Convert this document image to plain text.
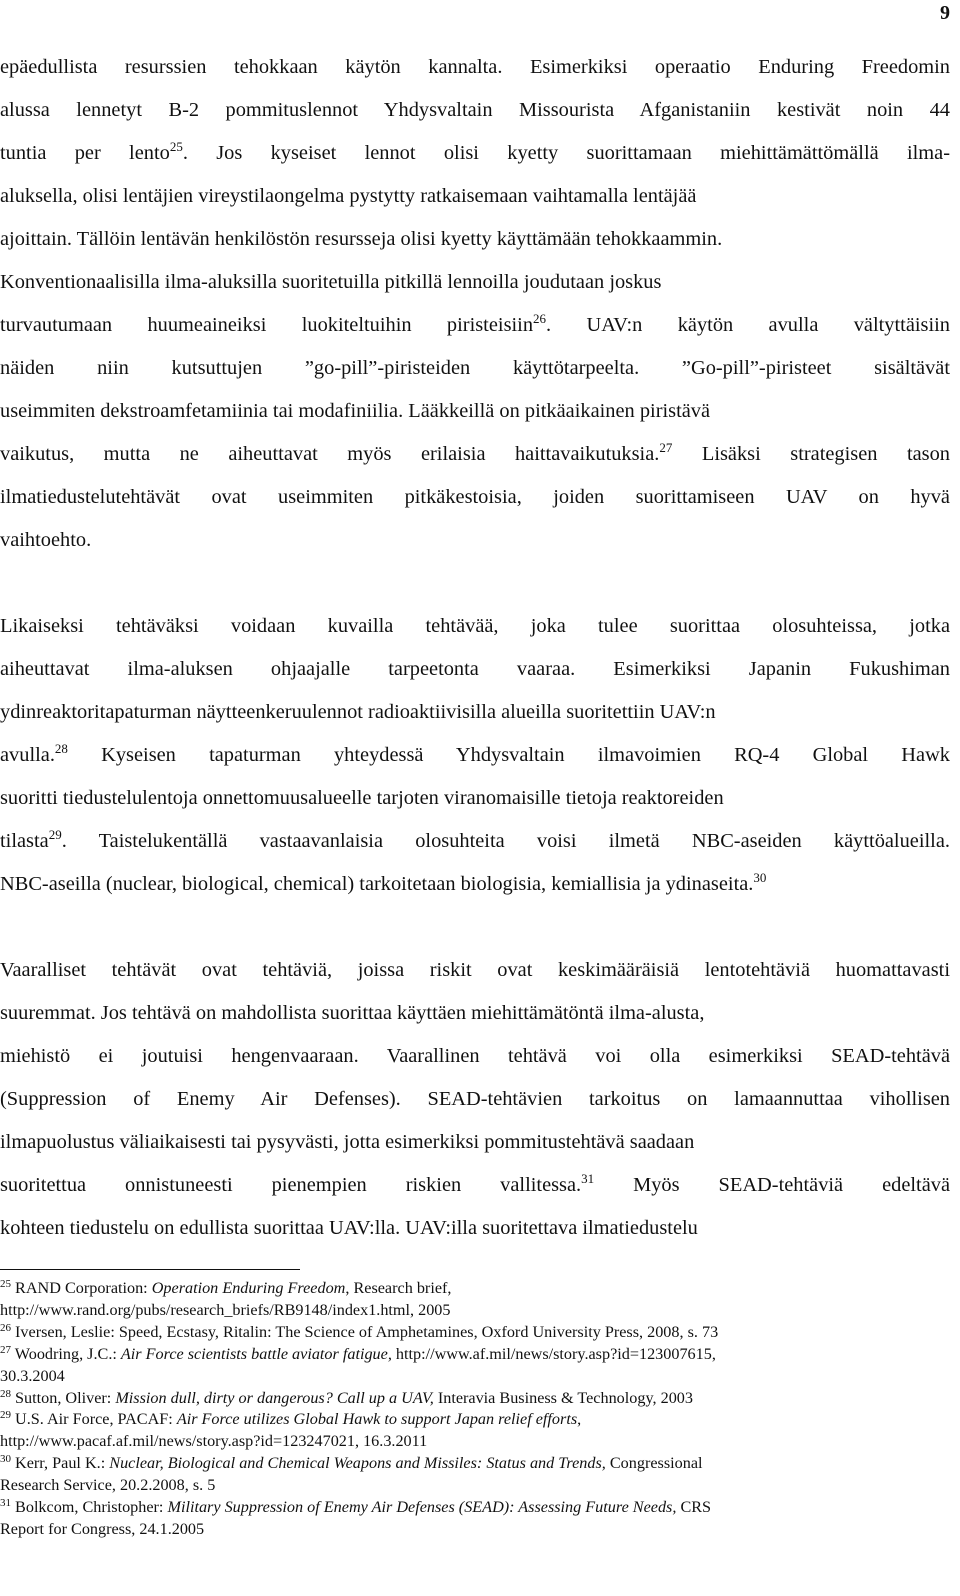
9
epäedullista resurssien tehokkaan käytön kannalta. Esimerkiksi operaatio Enduring Freedomin
alussa lennetyt B-2 pommituslennot Yhdysvaltain Missourista Afganistaniin kestivät noin 44
tuntia per lento$^{25}$. Jos kyseiset lennot olisi kyetty suorittamaan miehittämättömällä ilma-
aluksella, olisi lentäjien vireystilaongelma pystytty ratkaisemaan vaihtamalla lentäjää
ajoittain. Tällöin lentävän henkilöstön resursseja olisi kyetty käyttämään tehokkaammin.
Konventionaalisilla ilma-aluksilla suoritetuilla pitkillä lennoilla joudutaan joskus
turvautumaan huumeaineiksi luokiteltuihin piristeisiin$^{26}$. UAV:n käytön avulla vältyttäisiin
näiden niin kutsuttujen ”go-pill”-piristeiden käyttötarpeelta. ”Go-pill”-piristeet sisältävät
useimmiten dekstroamfetamiinia tai modafiniilia. Lääkkeillä on pitkäaikainen piristävä
vaikutus, mutta ne aiheuttavat myös erilaisia haittavaikutuksia.$^{27}$ Lisäksi strategisen tason
ilmatiedustelutehtävät ovat useimmiten pitkäkestoisia, joiden suorittamiseen UAV on hyvä
vaihtoehto.
Likaiseksi tehtäväksi voidaan kuvailla tehtävää, joka tulee suorittaa olosuhteissa, jotka
aiheuttavat ilma-aluksen ohjaajalle tarpeetonta vaaraa. Esimerkiksi Japanin Fukushiman
ydinreaktoritapaturman näytteenkeruulennot radioaktiivisilla alueilla suoritettiin UAV:n
avulla.$^{28}$ Kyseisen tapaturman yhteydessä Yhdysvaltain ilmavoimien RQ-4 Global Hawk
suoritti tiedustelulentoja onnettomuusalueelle tarjoten viranomaisille tietoja reaktoreiden
tilasta$^{29}$. Taistelukentällä vastaavanlaisia olosuhteita voisi ilmetä NBC-aseiden käyttöalueilla.
NBC-aseilla (nuclear, biological, chemical) tarkoitetaan biologisia, kemiallisia ja ydinaseita.$^{30}$
Vaaralliset tehtävät ovat tehtäviä, joissa riskit ovat keskimääräisiä lentotehtäviä huomattavasti
suuremmat. Jos tehtävä on mahdollista suorittaa käyttäen miehittämätöntä ilma-alusta,
miehistö ei joutuisi hengenvaaraan. Vaarallinen tehtävä voi olla esimerkiksi SEAD-tehtävä
(Suppression of Enemy Air Defenses). SEAD-tehtävien tarkoitus on lamaannuttaa vihollisen
ilmapuolustus väliaikaisesti tai pysyvästi, jotta esimerkiksi pommitustehtävä saadaan
suoritettua onnistuneesti pienempien riskien vallitessa.$^{31}$ Myös SEAD-tehtäviä edeltävä
kohteen tiedustelu on edullista suorittaa UAV:lla. UAV:illa suoritettava ilmatiedustelu
$^{25}$ RAND Corporation: Operation Enduring Freedom, Research brief,
http://www.rand.org/pubs/research_briefs/RB9148/index1.html, 2005
$^{26}$ Iversen, Leslie: Speed, Ecstasy, Ritalin: The Science of Amphetamines, Oxford University Press, 2008, s. 73
$^{27}$ Woodring, J.C.: Air Force scientists battle aviator fatigue, http://www.af.mil/news/story.asp?id=123007615,
30.3.2004
$^{28}$ Sutton, Oliver: Mission dull, dirty or dangerous? Call up a UAV, Interavia Business & Technology, 2003
$^{29}$ U.S. Air Force, PACAF: Air Force utilizes Global Hawk to support Japan relief efforts,
http://www.pacaf.af.mil/news/story.asp?id=123247021, 16.3.2011
$^{30}$ Kerr, Paul K.: Nuclear, Biological and Chemical Weapons and Missiles: Status and Trends, Congressional
Research Service, 20.2.2008, s. 5
$^{31}$ Bolkcom, Christopher: Military Suppression of Enemy Air Defenses (SEAD): Assessing Future Needs, CRS
Report for Congress, 24.1.2005
